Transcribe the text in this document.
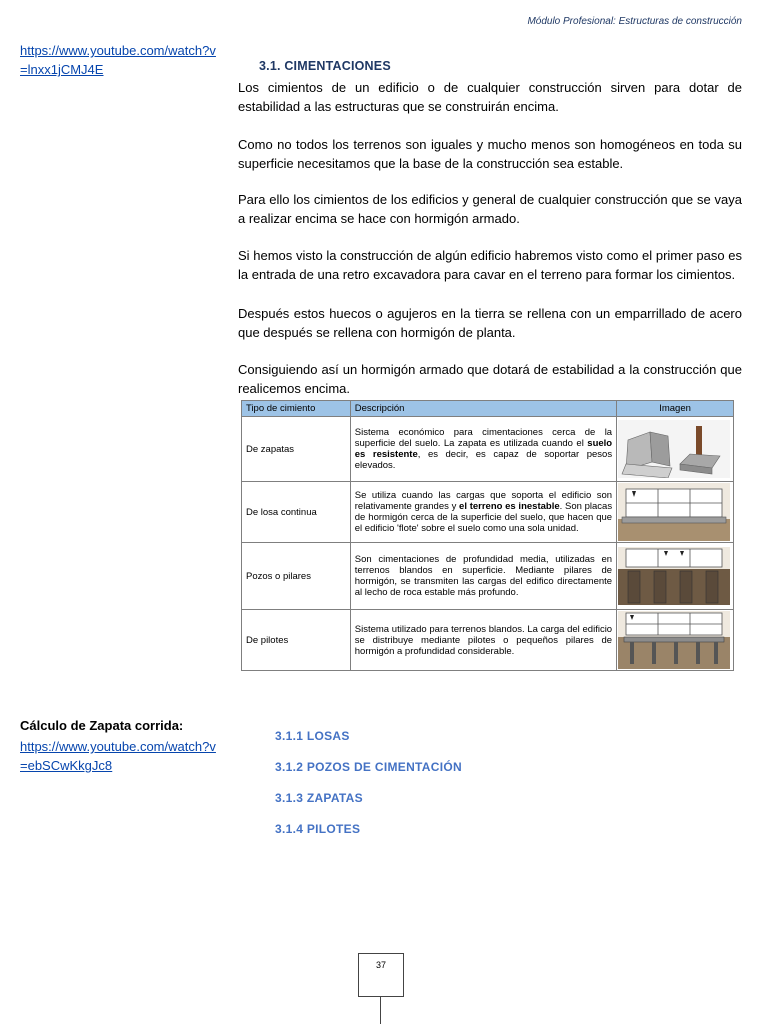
Módulo Profesional: Estructuras de construcción
https://www.youtube.com/watch?v=lnxx1jCMJ4E	3.1. CIMENTACIONES
Los cimientos de un edificio o de cualquier construcción sirven para dotar de estabilidad a las estructuras que se construirán encima.
Como no todos los terrenos son iguales y mucho menos son homogéneos en toda su superficie necesitamos que la base de la construcción sea estable.
Para ello los cimientos de los edificios y general de cualquier construcción que se vaya a realizar encima se hace con hormigón armado.
Si hemos visto la construcción de algún edificio habremos visto como el primer paso es la entrada de una retro excavadora para cavar en el terreno para formar los cimientos.
Después estos huecos o agujeros en la tierra se rellena con un emparrillado de acero que después se rellena con hormigón de planta.
Consiguiendo así un hormigón armado que dotará de estabilidad a la construcción que realicemos encima.
Tipo de cimiento	Descripción	Imagen
De zapatas	Sistema económico para cimentaciones cerca de la superficie del suelo. La zapata es utilizada cuando el suelo es resistente, es decir, es capaz de soportar pesos elevados.	

De losa continua	Se utiliza cuando las cargas que soporta el edificio son relativamente grandes y el terreno es inestable. Son placas de hormigón cerca de la superficie del suelo, que hacen que el edificio 'flote' sobre el suelo como una sola unidad.	

Pozos o pilares	Son cimentaciones de profundidad media, utilizadas en terrenos blandos en superficie. Mediante pilares de hormigón, se transmiten las cargas del edifico directamente al lecho de roca estable más profundo.	

De pilotes	Sistema utilizado para terrenos blandos. La carga del edificio se distribuye mediante pilotes o pequeños pilares de hormigón a profundidad considerable.	
Cálculo de Zapata corrida:
https://www.youtube.com/watch?v=ebSCwKkgJc8
3.1.1 LOSAS
3.1.2 POZOS DE CIMENTACIÓN
3.1.3 ZAPATAS
3.1.4 PILOTES
37
